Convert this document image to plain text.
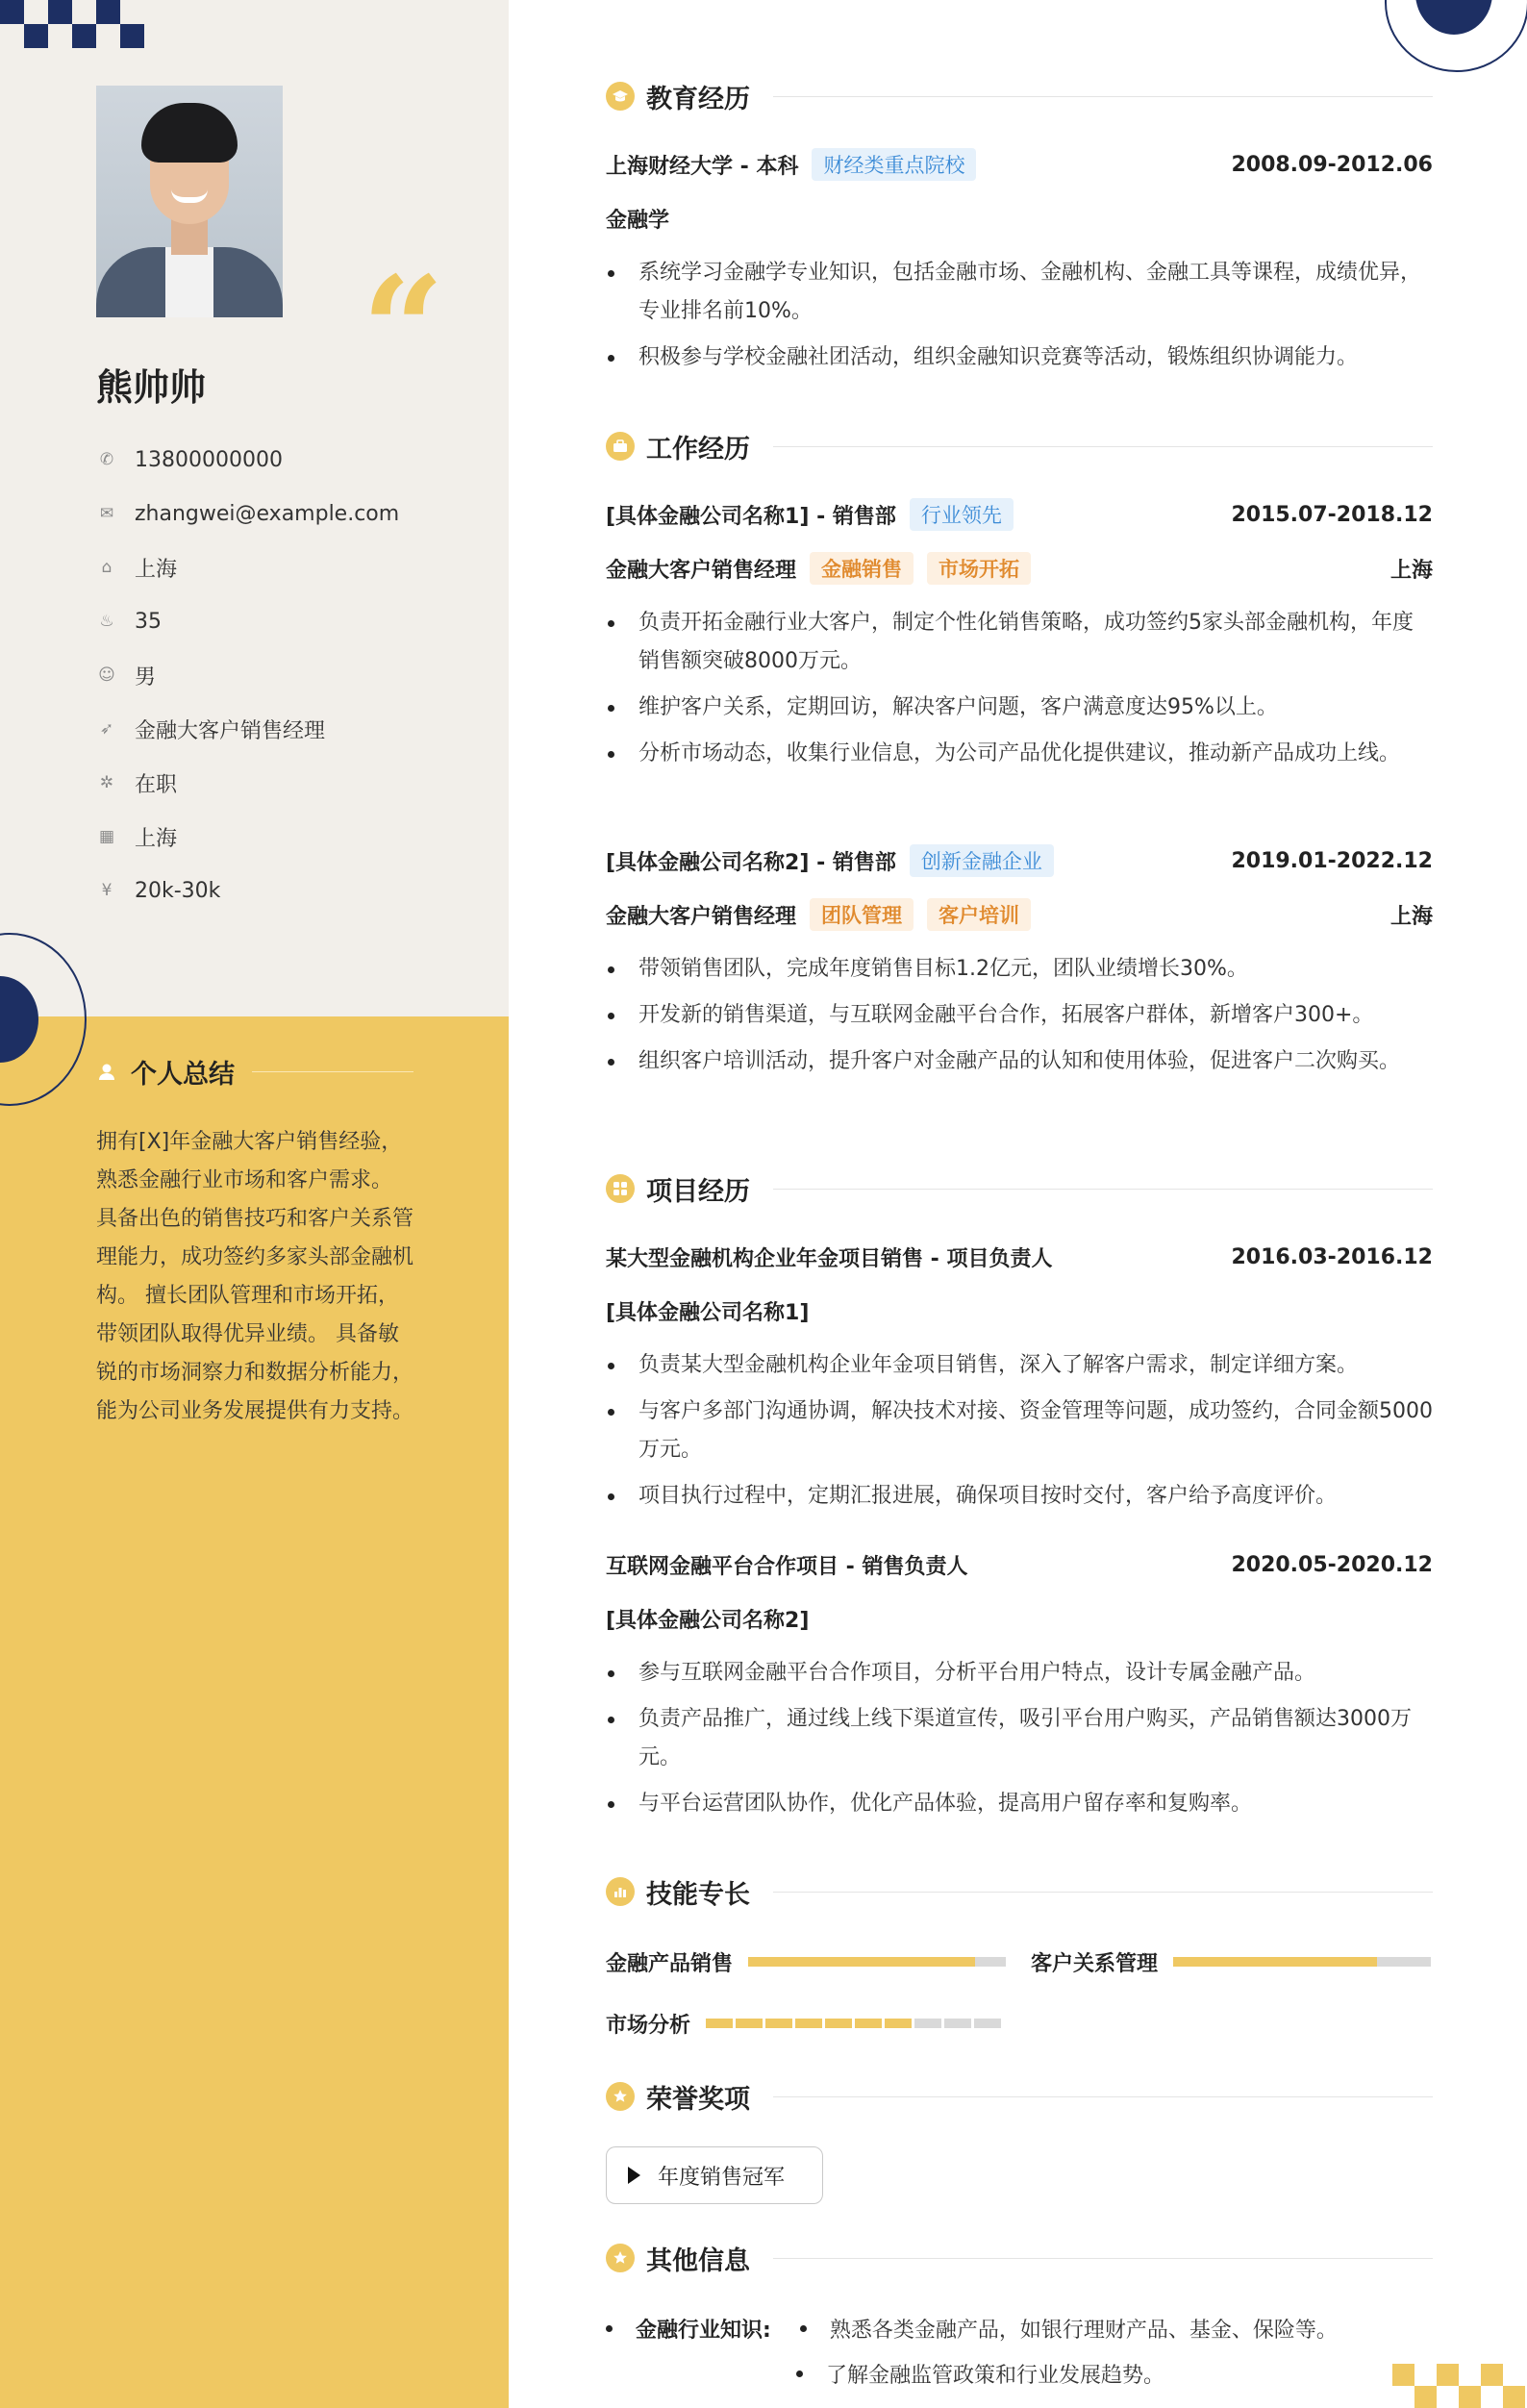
“
熊帅帅
✆ 13800000000
✉ zhangwei@example.com
⌂ 上海
♨ 35
☺ 男
➶ 金融大客户销售经理
✲ 在职
▦ 上海
¥ 20k-30k
个人总结
拥有[X]年金融大客户销售经验，熟悉金融行业市场和客户需求。 具备出色的销售技巧和客户关系管理能力，成功签约多家头部金融机构。 擅长团队管理和市场开拓，带领团队取得优异业绩。 具备敏锐的市场洞察力和数据分析能力，能为公司业务发展提供有力支持。
教育经历
上海财经大学 - 本科	财经类重点院校	2008.09-2012.06
金融学
系统学习金融学专业知识，包括金融市场、金融机构、金融工具等课程，成绩优异，专业排名前10%。
积极参与学校金融社团活动，组织金融知识竞赛等活动，锻炼组织协调能力。
工作经历
[具体金融公司名称1] - 销售部	行业领先	2015.07-2018.12
金融大客户销售经理	金融销售	市场开拓	上海
负责开拓金融行业大客户，制定个性化销售策略，成功签约5家头部金融机构，年度销售额突破8000万元。
维护客户关系，定期回访，解决客户问题，客户满意度达95%以上。
分析市场动态，收集行业信息，为公司产品优化提供建议，推动新产品成功上线。
[具体金融公司名称2] - 销售部	创新金融企业	2019.01-2022.12
金融大客户销售经理	团队管理	客户培训	上海
带领销售团队，完成年度销售目标1.2亿元，团队业绩增长30%。
开发新的销售渠道，与互联网金融平台合作，拓展客户群体，新增客户300+。
组织客户培训活动，提升客户对金融产品的认知和使用体验，促进客户二次购买。
项目经历
某大型金融机构企业年金项目销售 - 项目负责人	2016.03-2016.12
[具体金融公司名称1]
负责某大型金融机构企业年金项目销售，深入了解客户需求，制定详细方案。
与客户多部门沟通协调，解决技术对接、资金管理等问题，成功签约，合同金额5000万元。
项目执行过程中，定期汇报进展，确保项目按时交付，客户给予高度评价。
互联网金融平台合作项目 - 销售负责人	2020.05-2020.12
[具体金融公司名称2]
参与互联网金融平台合作项目，分析平台用户特点，设计专属金融产品。
负责产品推广，通过线上线下渠道宣传，吸引平台用户购买，产品销售额达3000万元。
与平台运营团队协作，优化产品体验，提高用户留存率和复购率。
技能专长
金融产品销售	客户关系管理
市场分析
荣誉奖项
年度销售冠军
其他信息
金融行业知识:	熟悉各类金融产品，如银行理财产品、基金、保险等。
了解金融监管政策和行业发展趋势。
